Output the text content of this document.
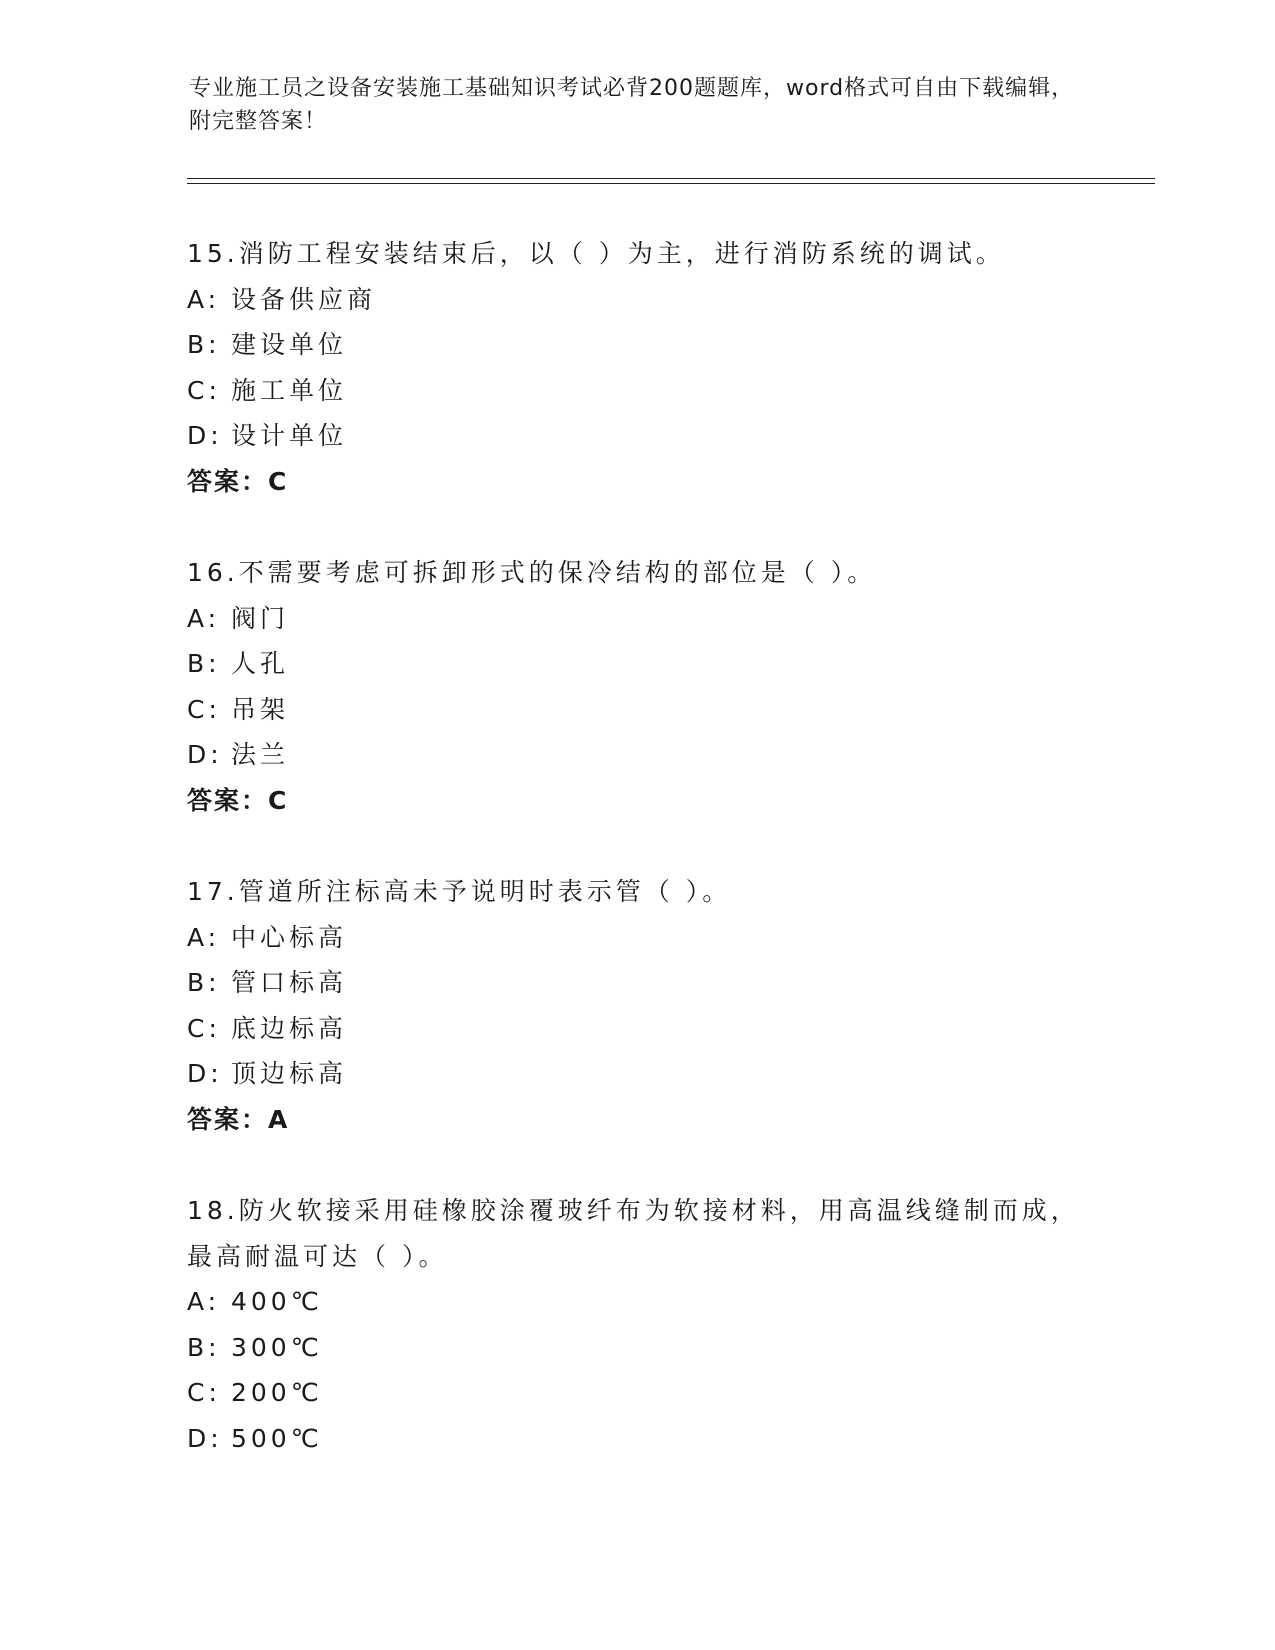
专业施工员之设备安装施工基础知识考试必背200题题库，word格式可自由下载编辑，附完整答案！
15.消防工程安装结束后，以（ ）为主，进行消防系统的调试。
A: 设备供应商
B: 建设单位
C: 施工单位
D: 设计单位
答案：C
16.不需要考虑可拆卸形式的保冷结构的部位是（ ）。
A: 阀门
B: 人孔
C: 吊架
D: 法兰
答案：C
17.管道所注标高未予说明时表示管（ ）。
A: 中心标高
B: 管口标高
C: 底边标高
D: 顶边标高
答案：A
18.防火软接采用硅橡胶涂覆玻纤布为软接材料，用高温线缝制而成，
最高耐温可达（ ）。
A: 400℃
B: 300℃
C: 200℃
D: 500℃
